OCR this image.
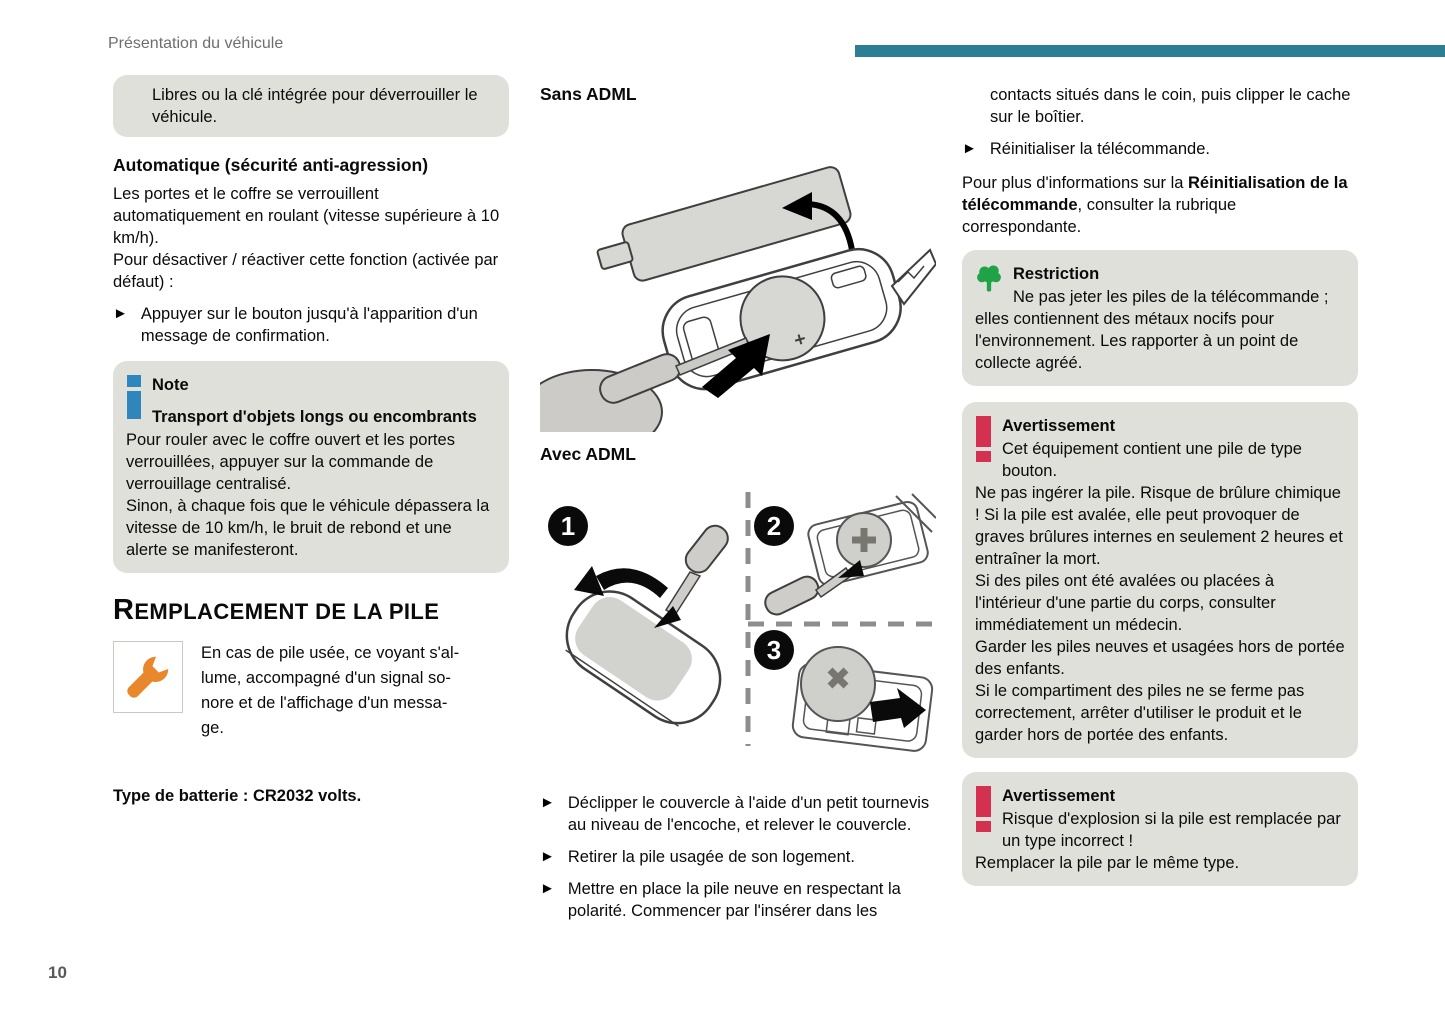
Présentation du véhicule
10

Libres ou la clé intégrée pour déverrouiller le véhicule.

Automatique (sécurité anti-agression)

Les portes et le coffre se verrouillent automatiquement en roulant (vitesse supérieure à 10 km/h).

Pour désactiver / réactiver cette fonction (activée par défaut) :

► Appuyer sur le bouton jusqu'à l'apparition d'un message de confirmation.
Note
Transport d'objets longs ou encombrants

Pour rouler avec le coffre ouvert et les portes verrouillées, appuyer sur la commande de verrouillage centralisé.

Sinon, à chaque fois que le véhicule dépassera la vitesse de 10 km/h, le bruit de rebond et une alerte se manifesteront.

REMPLACEMENT DE LA PILE
En cas de pile usée, ce voyant s'al-
lume, accompagné d'un signal so-
nore et de l'affichage d'un messa-
ge.

Type de batterie : CR2032 volts.

Sans ADML
Avec ADML
1	2
3
► Déclipper le couvercle à l'aide d'un petit tournevis au niveau de l'encoche, et relever le couvercle.
► Retirer la pile usagée de son logement.
► Mettre en place la pile neuve en respectant la polarité. Commencer par l'insérer dans les

contacts situés dans le coin, puis clipper le cache sur le boîtier.

► Réinitialiser la télécommande.

Pour plus d'informations sur la Réinitialisation de la télécommande, consulter la rubrique correspondante.

Restriction

Ne pas jeter les piles de la télécommande ; elles contiennent des métaux nocifs pour l'environnement. Les rapporter à un point de collecte agréé.

Avertissement

Cet équipement contient une pile de type bouton.

Ne pas ingérer la pile. Risque de brûlure chimique ! Si la pile est avalée, elle peut provoquer de graves brûlures internes en seulement 2 heures et entraîner la mort.

Si des piles ont été avalées ou placées à l'intérieur d'une partie du corps, consulter immédiatement un médecin.

Garder les piles neuves et usagées hors de portée des enfants.

Si le compartiment des piles ne se ferme pas correctement, arrêter d'utiliser le produit et le garder hors de portée des enfants.

Avertissement

Risque d'explosion si la pile est remplacée par un type incorrect !

Remplacer la pile par le même type.
